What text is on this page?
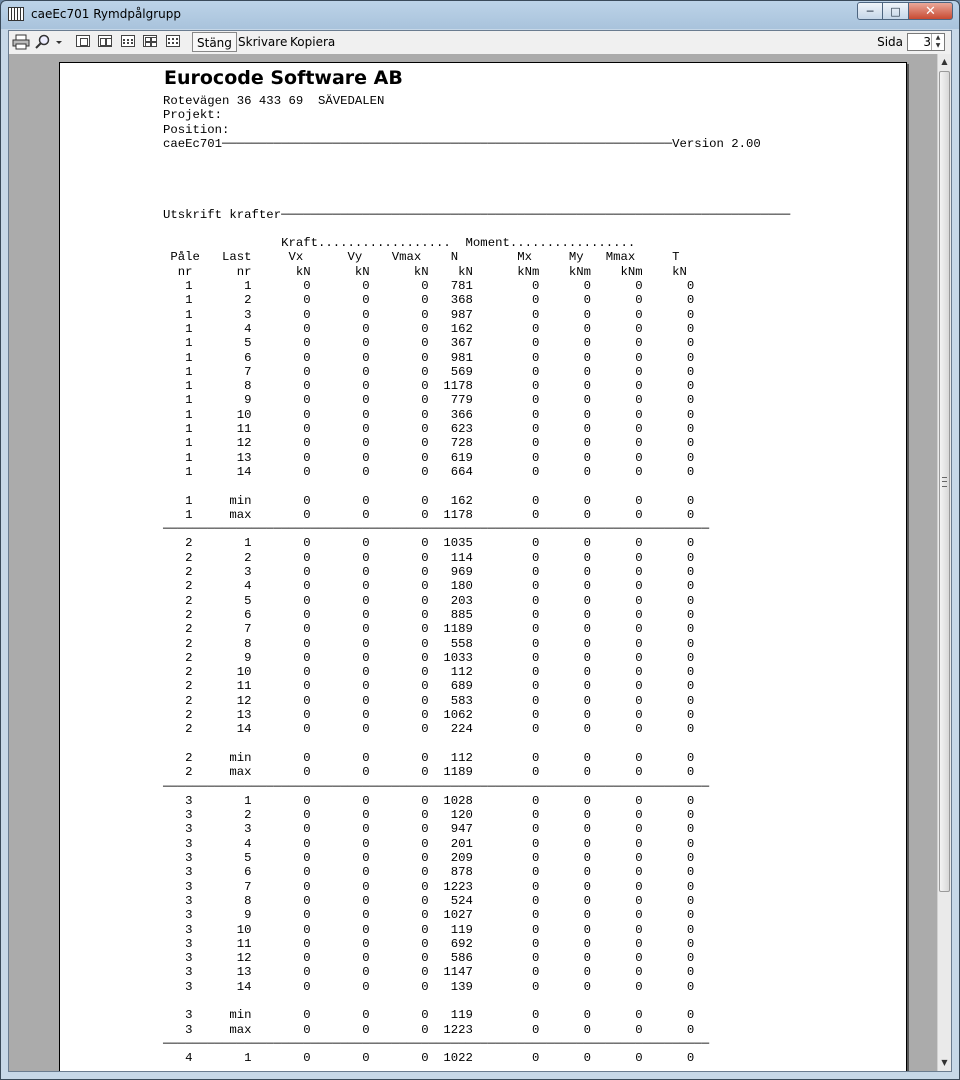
caeEc701 Rymdpålgrupp	─	□	✕
Stäng Skrivare Kopiera	Sida 3 ▲
▼
Eurocode Software AB
Rotevägen 36 433 69  SÄVEDALEN
Projekt:
Position:
caeEc701─────────────────────────────────────────────────────────────Version 2.00
Utskrift krafter─────────────────────────────────────────────────────────────────────
Kraft..................  Moment.................
Påle   Last     Vx      Vy    Vmax    N        Mx     My   Mmax     T
nr      nr      kN      kN      kN    kN      kNm    kNm    kNm    kN
1       1       0       0       0   781        0      0      0      0
1       2       0       0       0   368        0      0      0      0
1       3       0       0       0   987        0      0      0      0
1       4       0       0       0   162        0      0      0      0
1       5       0       0       0   367        0      0      0      0
1       6       0       0       0   981        0      0      0      0
1       7       0       0       0   569        0      0      0      0
1       8       0       0       0  1178        0      0      0      0
1       9       0       0       0   779        0      0      0      0
1      10       0       0       0   366        0      0      0      0
1      11       0       0       0   623        0      0      0      0
1      12       0       0       0   728        0      0      0      0
1      13       0       0       0   619        0      0      0      0
1      14       0       0       0   664        0      0      0      0
1     min       0       0       0   162        0      0      0      0
1     max       0       0       0  1178        0      0      0      0
──────────────────────────────────────────────────────────────────────────
2       1       0       0       0  1035        0      0      0      0
2       2       0       0       0   114        0      0      0      0
2       3       0       0       0   969        0      0      0      0
2       4       0       0       0   180        0      0      0      0
2       5       0       0       0   203        0      0      0      0
2       6       0       0       0   885        0      0      0      0
2       7       0       0       0  1189        0      0      0      0
2       8       0       0       0   558        0      0      0      0
2       9       0       0       0  1033        0      0      0      0
2      10       0       0       0   112        0      0      0      0
2      11       0       0       0   689        0      0      0      0
2      12       0       0       0   583        0      0      0      0
2      13       0       0       0  1062        0      0      0      0
2      14       0       0       0   224        0      0      0      0
2     min       0       0       0   112        0      0      0      0
2     max       0       0       0  1189        0      0      0      0
──────────────────────────────────────────────────────────────────────────
3       1       0       0       0  1028        0      0      0      0
3       2       0       0       0   120        0      0      0      0
3       3       0       0       0   947        0      0      0      0
3       4       0       0       0   201        0      0      0      0
3       5       0       0       0   209        0      0      0      0
3       6       0       0       0   878        0      0      0      0
3       7       0       0       0  1223        0      0      0      0
3       8       0       0       0   524        0      0      0      0
3       9       0       0       0  1027        0      0      0      0
3      10       0       0       0   119        0      0      0      0
3      11       0       0       0   692        0      0      0      0
3      12       0       0       0   586        0      0      0      0
3      13       0       0       0  1147        0      0      0      0
3      14       0       0       0   139        0      0      0      0
3     min       0       0       0   119        0      0      0      0
3     max       0       0       0  1223        0      0      0      0
──────────────────────────────────────────────────────────────────────────
4       1       0       0       0  1022        0      0      0      0
▲
▼
